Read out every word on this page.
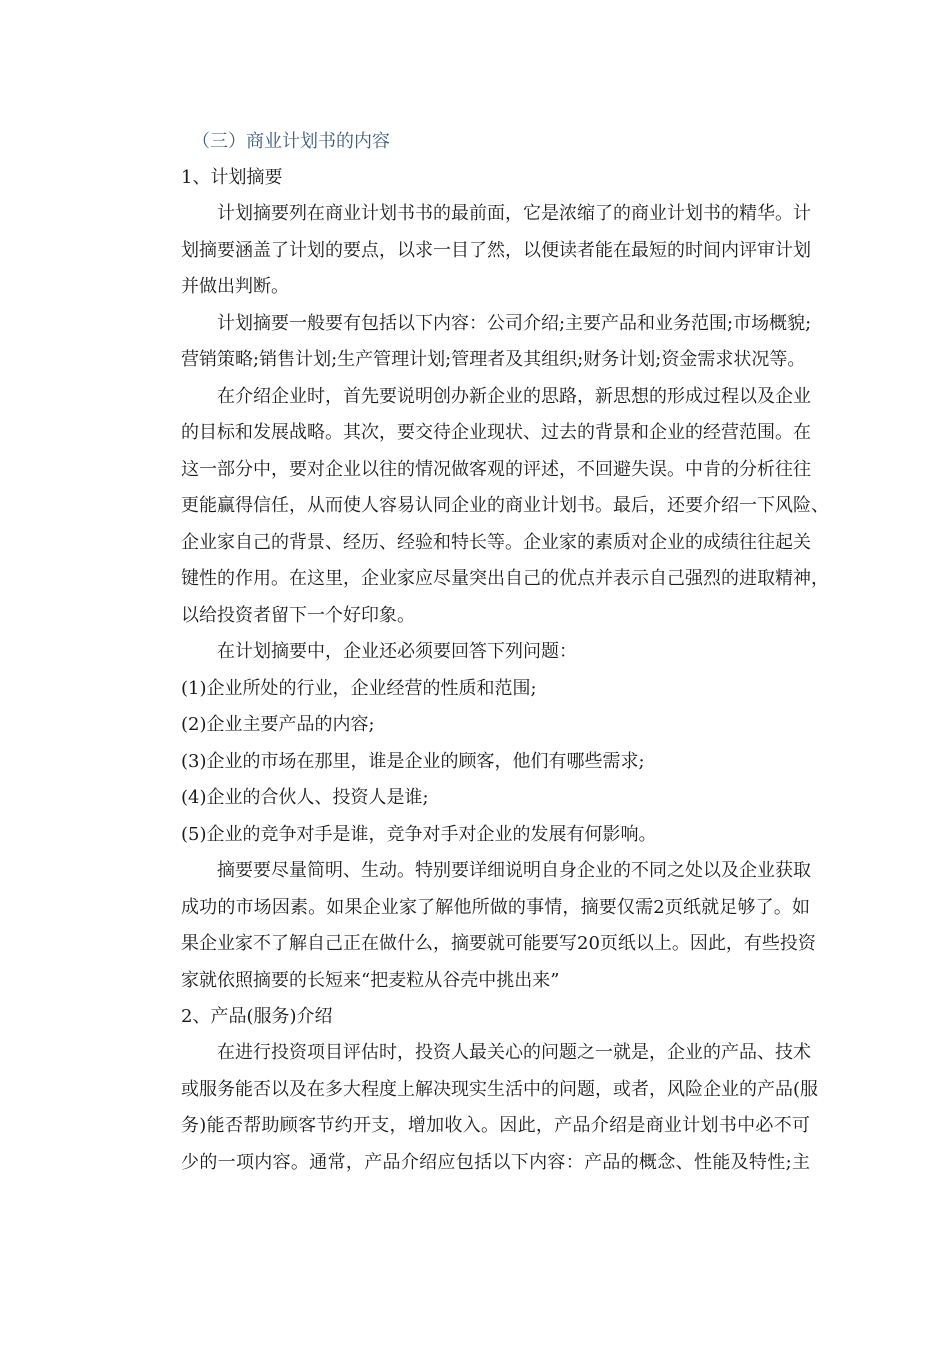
（三）商业计划书的内容
1、计划摘要
计划摘要列在商业计划书书的最前面，它是浓缩了的商业计划书的精华。计
划摘要涵盖了计划的要点，以求一目了然，以便读者能在最短的时间内评审计划
并做出判断。
计划摘要一般要有包括以下内容：公司介绍;主要产品和业务范围;市场概貌;
营销策略;销售计划;生产管理计划;管理者及其组织;财务计划;资金需求状况等。
在介绍企业时，首先要说明创办新企业的思路，新思想的形成过程以及企业
的目标和发展战略。其次，要交待企业现状、过去的背景和企业的经营范围。在
这一部分中，要对企业以往的情况做客观的评述，不回避失误。中肯的分析往往
更能赢得信任，从而使人容易认同企业的商业计划书。最后，还要介绍一下风险、
企业家自己的背景、经历、经验和特长等。企业家的素质对企业的成绩往往起关
键性的作用。在这里，企业家应尽量突出自己的优点并表示自己强烈的进取精神，
以给投资者留下一个好印象。
在计划摘要中，企业还必须要回答下列问题：
(1)企业所处的行业，企业经营的性质和范围;
(2)企业主要产品的内容;
(3)企业的市场在那里，谁是企业的顾客，他们有哪些需求;
(4)企业的合伙人、投资人是谁;
(5)企业的竞争对手是谁，竞争对手对企业的发展有何影响。
摘要要尽量简明、生动。特别要详细说明自身企业的不同之处以及企业获取
成功的市场因素。如果企业家了解他所做的事情，摘要仅需2页纸就足够了。如
果企业家不了解自己正在做什么，摘要就可能要写20页纸以上。因此，有些投资
家就依照摘要的长短来“把麦粒从谷壳中挑出来”
2、产品(服务)介绍
在进行投资项目评估时，投资人最关心的问题之一就是，企业的产品、技术
或服务能否以及在多大程度上解决现实生活中的问题，或者，风险企业的产品(服
务)能否帮助顾客节约开支，增加收入。因此，产品介绍是商业计划书中必不可
少的一项内容。通常，产品介绍应包括以下内容：产品的概念、性能及特性;主
